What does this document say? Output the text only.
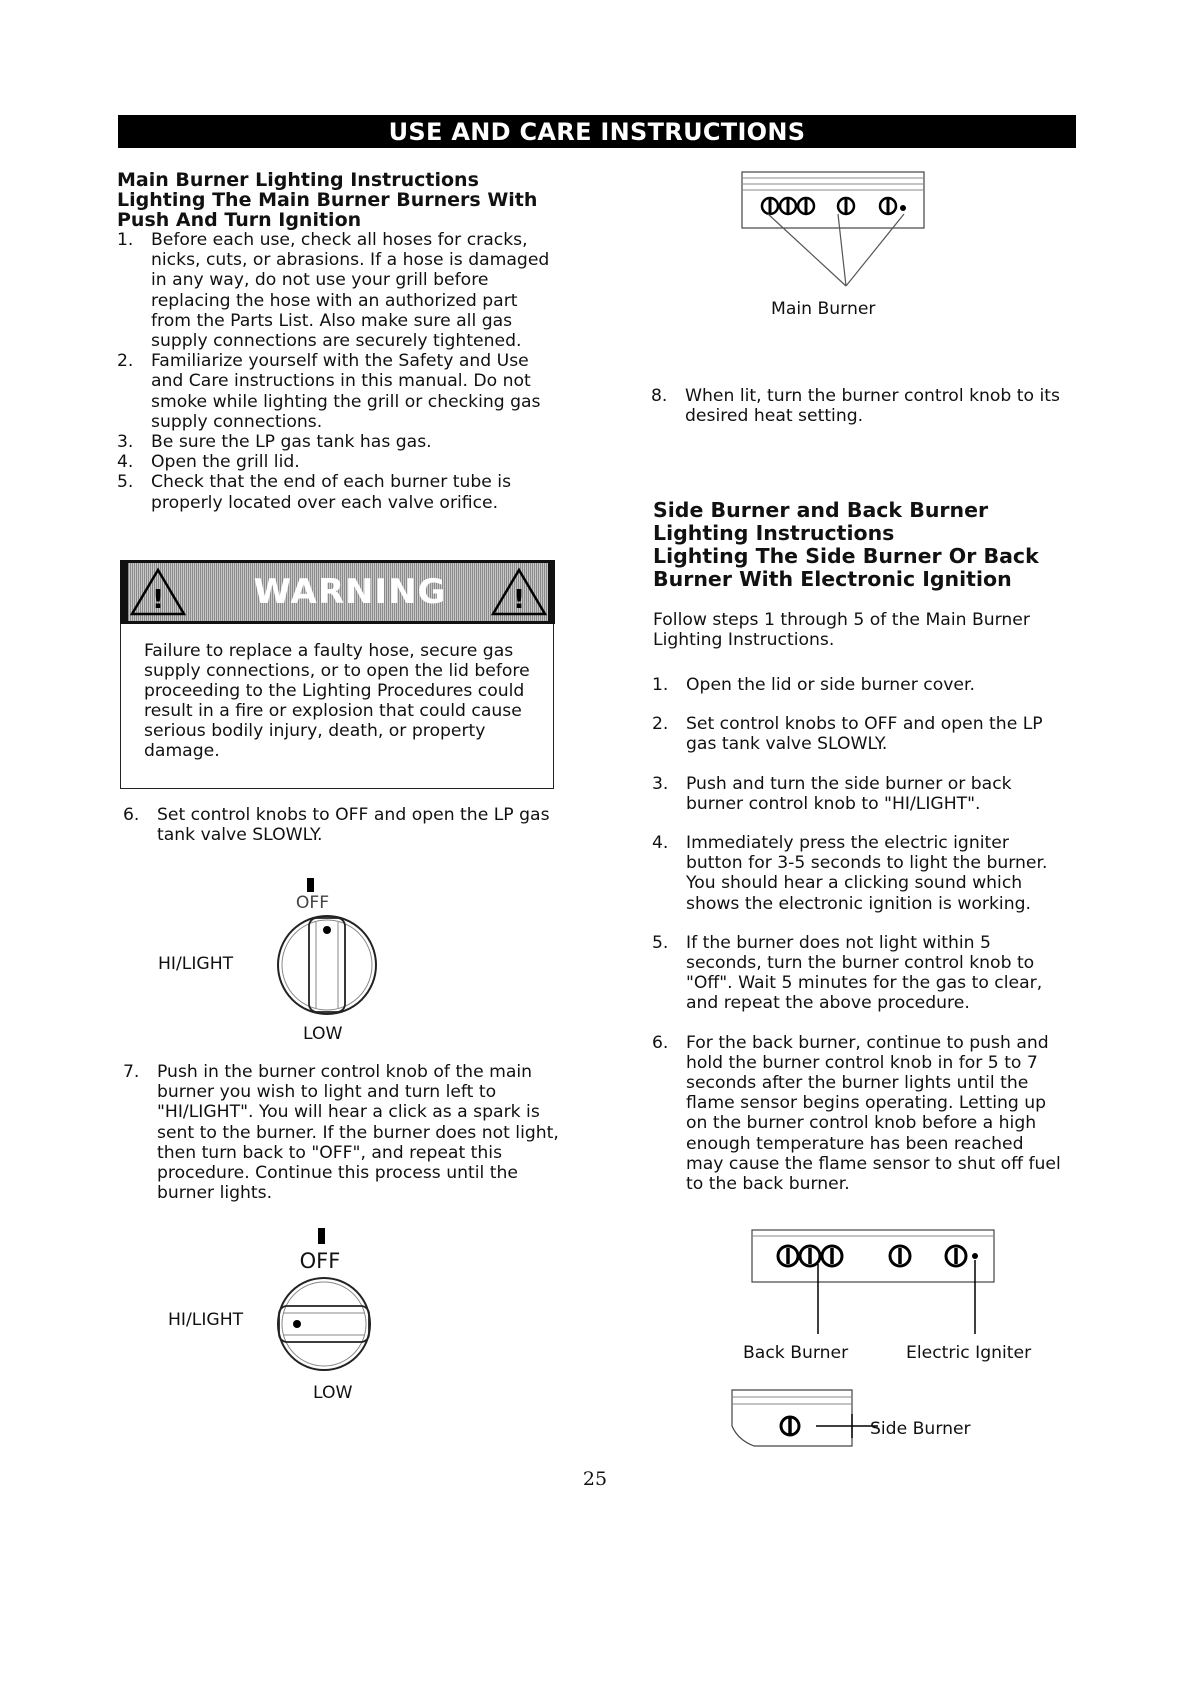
USE AND CARE INSTRUCTIONS
Main Burner Lighting Instructions
Lighting The Main Burner Burners With
Push And Turn Ignition
1. Before each use, check all hoses for cracks, nicks, cuts, or abrasions. If a hose is damaged in any way, do not use your grill before replacing the hose with an authorized part from the Parts List. Also make sure all gas supply connections are securely tightened.
2. Familiarize yourself with the Safety and Use and Care instructions in this manual. Do not smoke while lighting the grill or checking gas supply connections.
3. Be sure the LP gas tank has gas.
4. Open the grill lid.
5. Check that the end of each burner tube is properly located over each valve orifice.
!	!
WARNING
Failure to replace a faulty hose, secure gas supply connections, or to open the lid before proceeding to the Lighting Procedures could result in a fire or explosion that could cause serious bodily injury, death, or property damage.
6. Set control knobs to OFF and open the LP gas tank valve SLOWLY.
OFF
HI/LIGHT
LOW
7. Push in the burner control knob of the main burner you wish to light and turn left to "HI/LIGHT". You will hear a click as a spark is sent to the burner. If the burner does not light, then turn back to "OFF", and repeat this procedure. Continue this process until the burner lights.
OFF
HI/LIGHT
LOW
Main Burner
8. When lit, turn the burner control knob to its desired heat setting.
Side Burner and Back Burner
Lighting Instructions
Lighting The Side Burner Or Back
Burner With Electronic Ignition
Follow steps 1 through 5 of the Main Burner Lighting Instructions.
1. Open the lid or side burner cover.
2. Set control knobs to OFF and open the LP gas tank valve SLOWLY.
3. Push and turn the side burner or back burner control knob to "HI/LIGHT".
4. Immediately press the electric igniter button for 3-5 seconds to light the burner. You should hear a clicking sound which shows the electronic ignition is working.
5. If the burner does not light within 5 seconds, turn the burner control knob to "Off". Wait 5 minutes for the gas to clear, and repeat the above procedure.
6. For the back burner, continue to push and hold the burner control knob in for 5 to 7 seconds after the burner lights until the flame sensor begins operating. Letting up on the burner control knob before a high enough temperature has been reached may cause the flame sensor to shut off fuel to the back burner.
Back Burner	Electric Igniter
Side Burner
25
